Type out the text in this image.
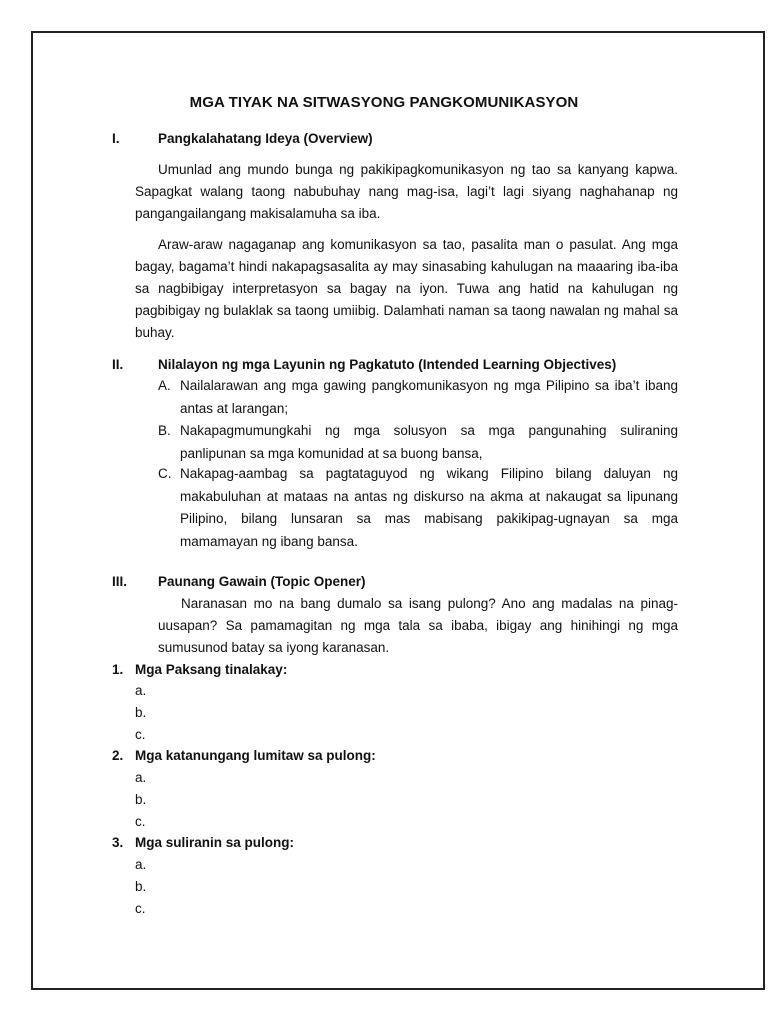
MGA TIYAK NA SITWASYONG PANGKOMUNIKASYON
I.	Pangkalahatang Ideya (Overview)
Umunlad ang mundo bunga ng pakikipagkomunikasyon ng tao sa kanyang kapwa. Sapagkat walang taong nabubuhay nang mag-isa, lagi’t lagi siyang naghahanap ng pangangailangang makisalamuha sa iba.
Araw-araw nagaganap ang komunikasyon sa tao, pasalita man o pasulat. Ang mga bagay, bagama’t hindi nakapagsasalita ay may sinasabing kahulugan na maaaring iba-iba sa nagbibigay interpretasyon sa bagay na iyon. Tuwa ang hatid na kahulugan ng pagbibigay ng bulaklak sa taong umiibig. Dalamhati naman sa taong nawalan ng mahal sa buhay.
II.	Nilalayon ng mga Layunin ng Pagkatuto (Intended Learning Objectives)
A. Nailalarawan ang mga gawing pangkomunikasyon ng mga Pilipino sa iba’t ibang antas at larangan;
B. Nakapagmumungkahi ng mga solusyon sa mga pangunahing suliraning panlipunan sa mga komunidad at sa buong bansa,
C. Nakapag-aambag sa pagtataguyod ng wikang Filipino bilang daluyan ng makabuluhan at mataas na antas ng diskurso na akma at nakaugat sa lipunang Pilipino, bilang lunsaran sa mas mabisang pakikipag-ugnayan sa mga mamamayan ng ibang bansa.
III. Paunang Gawain (Topic Opener)
Naranasan mo na bang dumalo sa isang pulong? Ano ang madalas na pinag-uusapan? Sa pamamagitan ng mga tala sa ibaba, ibigay ang hinihingi ng mga sumusunod batay sa iyong karanasan.
1. Mga Paksang tinalakay:
a.
b.
c.
2. Mga katanungang lumitaw sa pulong:
a.
b.
c.
3. Mga suliranin sa pulong:
a.
b.
c.
